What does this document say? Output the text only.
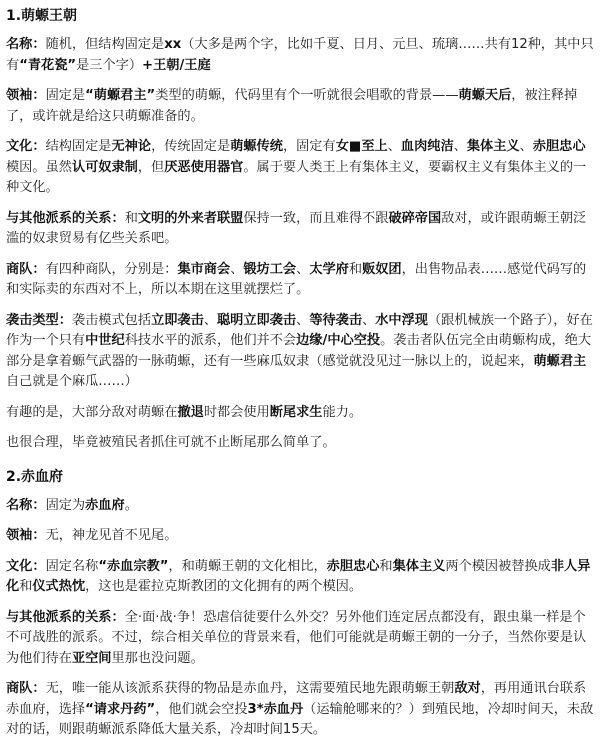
1.萌螈王朝
名称：随机，但结构固定是xx（大多是两个字，比如千夏、日月、元旦、琉璃……共有12种，其中只有“青花瓷”是三个字）+王朝/王庭
领袖：固定是“萌螈君主”类型的萌螈，代码里有个一听就很会唱歌的背景——萌螈天后，被注释掉了，或许就是给这只萌螈准备的。
文化：结构固定是无神论，传统固定是萌螈传统，固定有女■至上、血肉纯洁、集体主义、赤胆忠心模因。虽然认可奴隶制，但厌恶使用器官。属于要人类王上有集体主义，要霸权主义有集体主义的一种文化。
与其他派系的关系：和文明的外来者联盟保持一致，而且难得不跟破碎帝国敌对，或许跟萌螈王朝泛滥的奴隶贸易有亿些关系吧。
商队：有四种商队，分别是：集市商会、锻坊工会、太学府和贩奴团，出售物品表……感觉代码写的和实际卖的东西对不上，所以本期在这里就摆烂了。
袭击类型：袭击模式包括立即袭击、聪明立即袭击、等待袭击、水中浮现（跟机械族一个路子），好在作为一个只有中世纪科技水平的派系，他们并不会边缘/中心空投。袭击者队伍完全由萌螈构成，绝大部分是拿着螈气武器的一脉萌螈，还有一些麻瓜奴隶（感觉就没见过一脉以上的，说起来，萌螈君主自己就是个麻瓜……）
有趣的是，大部分敌对萌螈在撤退时都会使用断尾求生能力。
也很合理，毕竟被殖民者抓住可就不止断尾那么简单了。
2.赤血府
名称：固定为赤血府。
领袖：无，神龙见首不见尾。
文化：固定名称“赤血宗教”，和萌螈王朝的文化相比，赤胆忠心和集体主义两个模因被替换成非人异化和仪式热忱，这也是霍拉克斯教团的文化拥有的两个模因。
与其他派系的关系：全·面·战·争！恐虐信徒要什么外交？另外他们连定居点都没有，跟虫巢一样是个不可战胜的派系。不过，综合相关单位的背景来看，他们可能就是萌螈王朝的一分子，当然你要是认为他们待在亚空间里那也没问题。
商队：无，唯一能从该派系获得的物品是赤血丹，这需要殖民地先跟萌螈王朝敌对，再用通讯台联系赤血府，选择“请求丹药”，他们就会空投3*赤血丹（运输舱哪来的？）到殖民地，冷却时间天，未敌对的话，则跟萌螈派系降低大量关系，冷却时间15天。
